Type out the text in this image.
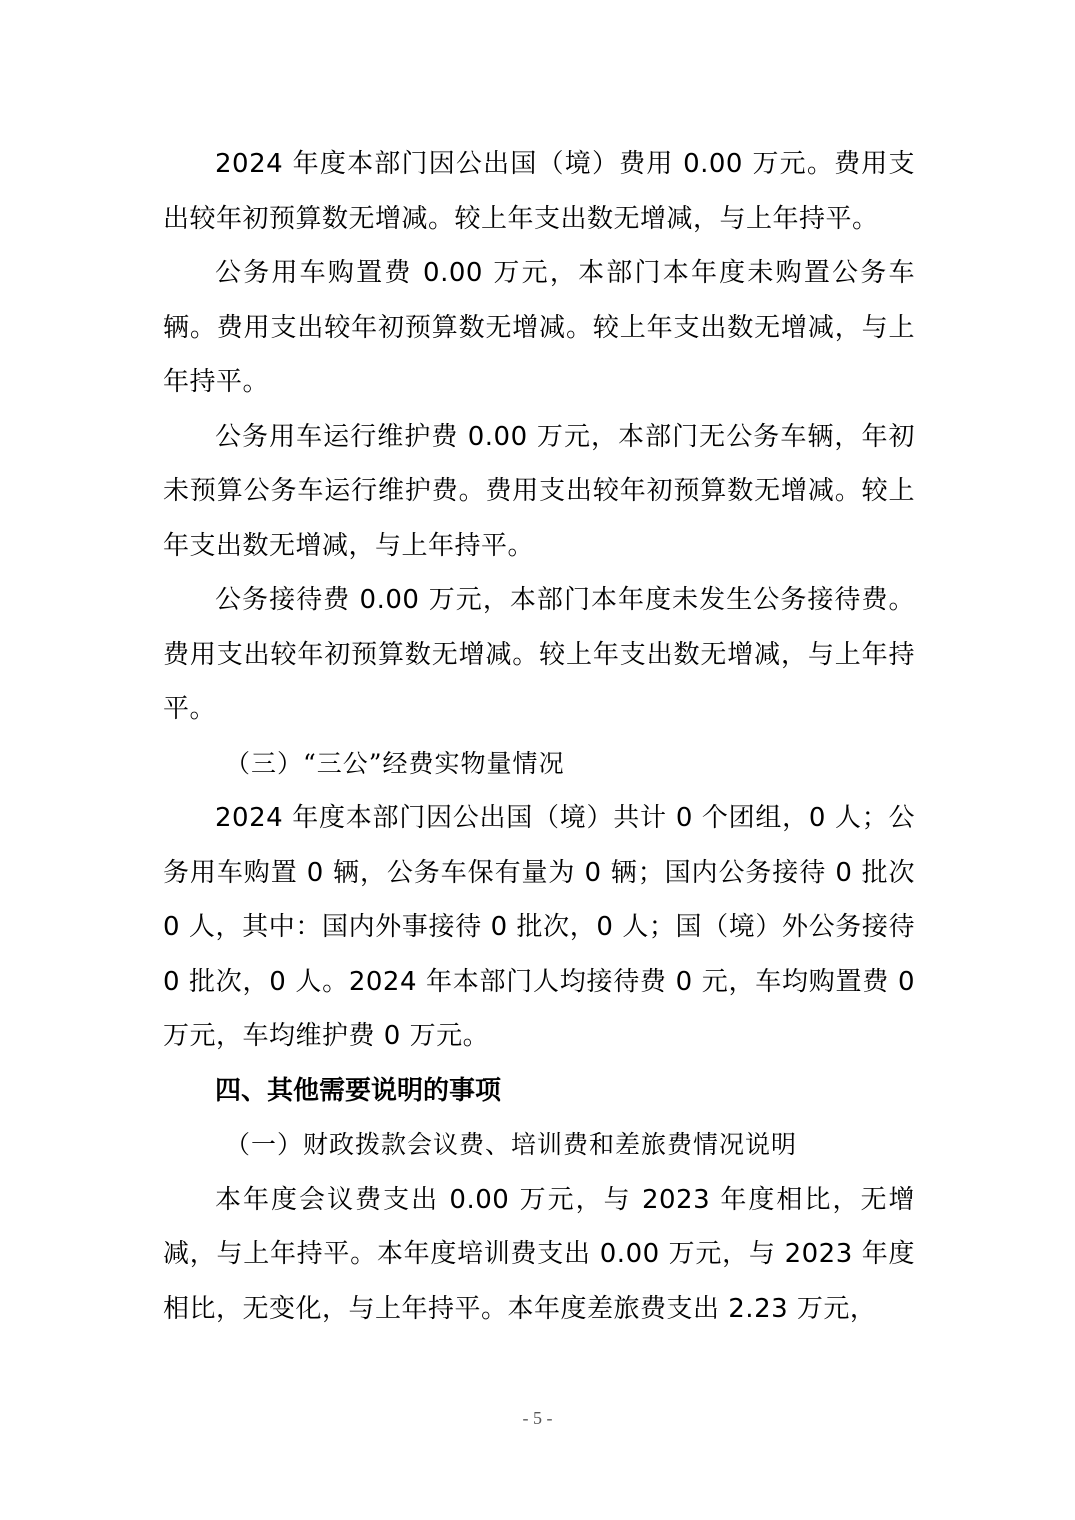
2024 年度本部门因公出国（境）费用 0.00 万元。费用支出较年初预算数无增减。较上年支出数无增减，与上年持平。

公务用车购置费 0.00 万元，本部门本年度未购置公务车辆。费用支出较年初预算数无增减。较上年支出数无增减，与上年持平。

公务用车运行维护费 0.00 万元，本部门无公务车辆，年初未预算公务车运行维护费。费用支出较年初预算数无增减。较上年支出数无增减，与上年持平。

公务接待费 0.00 万元，本部门本年度未发生公务接待费。费用支出较年初预算数无增减。较上年支出数无增减，与上年持平。

（三）“三公”经费实物量情况

2024 年度本部门因公出国（境）共计 0 个团组，0 人；公务用车购置 0 辆，公务车保有量为 0 辆；国内公务接待 0 批次 0 人，其中：国内外事接待 0 批次，0 人；国（境）外公务接待 0 批次，0 人。2024 年本部门人均接待费 0 元，车均购置费 0 万元，车均维护费 0 万元。

四、其他需要说明的事项

（一）财政拨款会议费、培训费和差旅费情况说明

本年度会议费支出 0.00 万元，与 2023 年度相比，无增减，与上年持平。本年度培训费支出 0.00 万元，与 2023 年度相比，无变化，与上年持平。本年度差旅费支出 2.23 万元，

- 5 -
